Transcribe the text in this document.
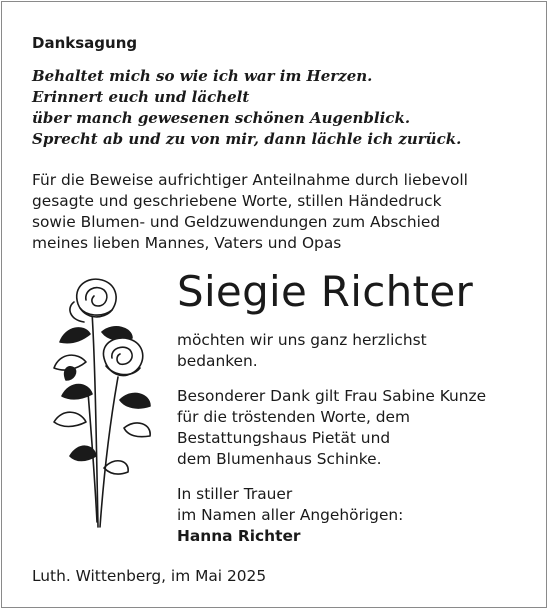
Danksagung
Behaltet mich so wie ich war im Herzen.
Erinnert euch und lächelt
über manch gewesenen schönen Augenblick.
Sprecht ab und zu von mir, dann lächle ich zurück.
Für die Beweise aufrichtiger Anteilnahme durch liebevoll
gesagte und geschriebene Worte, stillen Händedruck
sowie Blumen- und Geldzuwendungen zum Abschied
meines lieben Mannes, Vaters und Opas
Siegie Richter
möchten wir uns ganz herzlichst
bedanken.
Besonderer Dank gilt Frau Sabine Kunze
für die tröstenden Worte, dem
Bestattungshaus Pietät und
dem Blumenhaus Schinke.
In stiller Trauer
im Namen aller Angehörigen:
Hanna Richter
Luth. Wittenberg, im Mai 2025
